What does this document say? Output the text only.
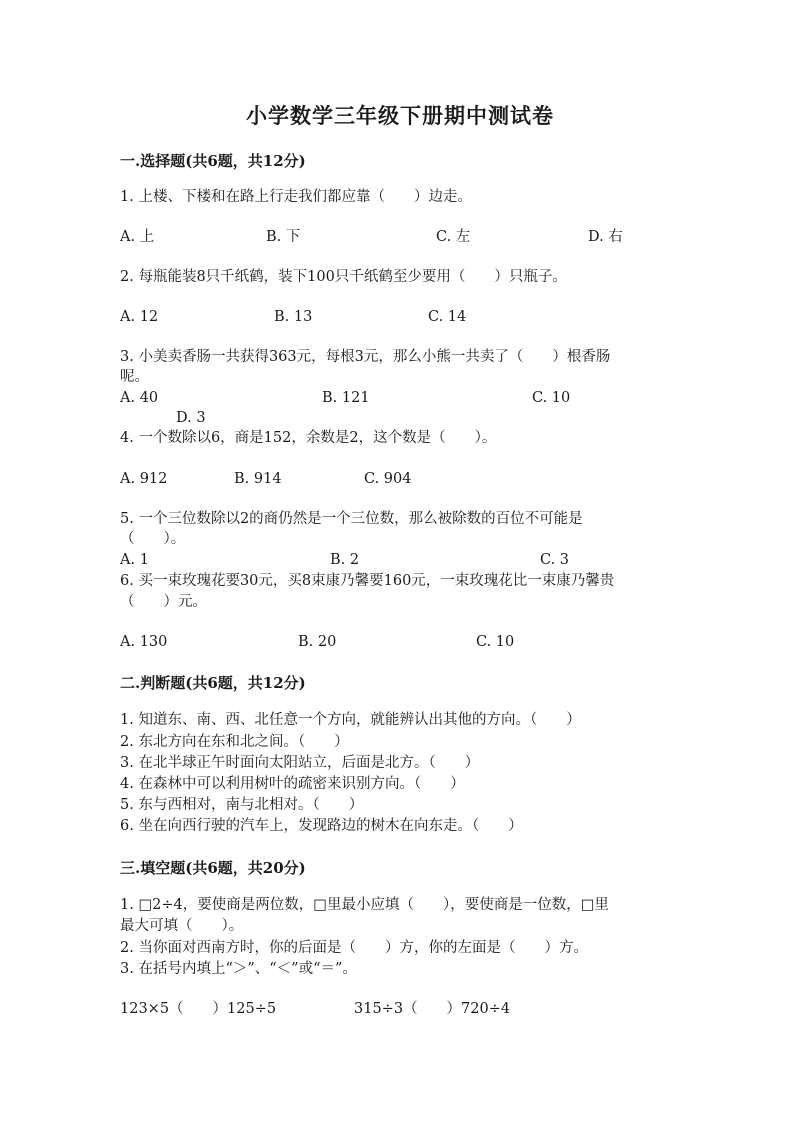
小学数学三年级下册期中测试卷
一.选择题(共6题，共12分)
1. 上楼、下楼和在路上行走我们都应靠（　　）边走。
A. 上	B. 下	C. 左	D. 右
2. 每瓶能装8只千纸鹤，装下100只千纸鹤至少要用（　　）只瓶子。
A. 12	B. 13	C. 14
3. 小美卖香肠一共获得363元，每根3元，那么小熊一共卖了（　　）根香肠
呢。
A. 40	B. 121	C. 10
D. 3
4. 一个数除以6，商是152，余数是2，这个数是（　　）。
A. 912	B. 914	C. 904
5. 一个三位数除以2的商仍然是一个三位数，那么被除数的百位不可能是
（　　）。
A. 1	B. 2	C. 3
6. 买一束玫瑰花要30元，买8束康乃馨要160元，一束玫瑰花比一束康乃馨贵
（　　）元。
A. 130	B. 20	C. 10
二.判断题(共6题，共12分)
1. 知道东、南、西、北任意一个方向，就能辨认出其他的方向。（　　）
2. 东北方向在东和北之间。（　　）
3. 在北半球正午时面向太阳站立，后面是北方。（　　）
4. 在森林中可以利用树叶的疏密来识别方向。（　　）
5. 东与西相对，南与北相对。（　　）
6. 坐在向西行驶的汽车上，发现路边的树木在向东走。（　　）
三.填空题(共6题，共20分)
1. □2÷4，要使商是两位数，□里最小应填（　　），要使商是一位数，□里
最大可填（　　）。
2. 当你面对西南方时，你的后面是（　　）方，你的左面是（　　）方。
3. 在括号内填上“＞”、“＜”或“＝”。
123×5（　　）125÷5	315÷3（　　）720÷4
